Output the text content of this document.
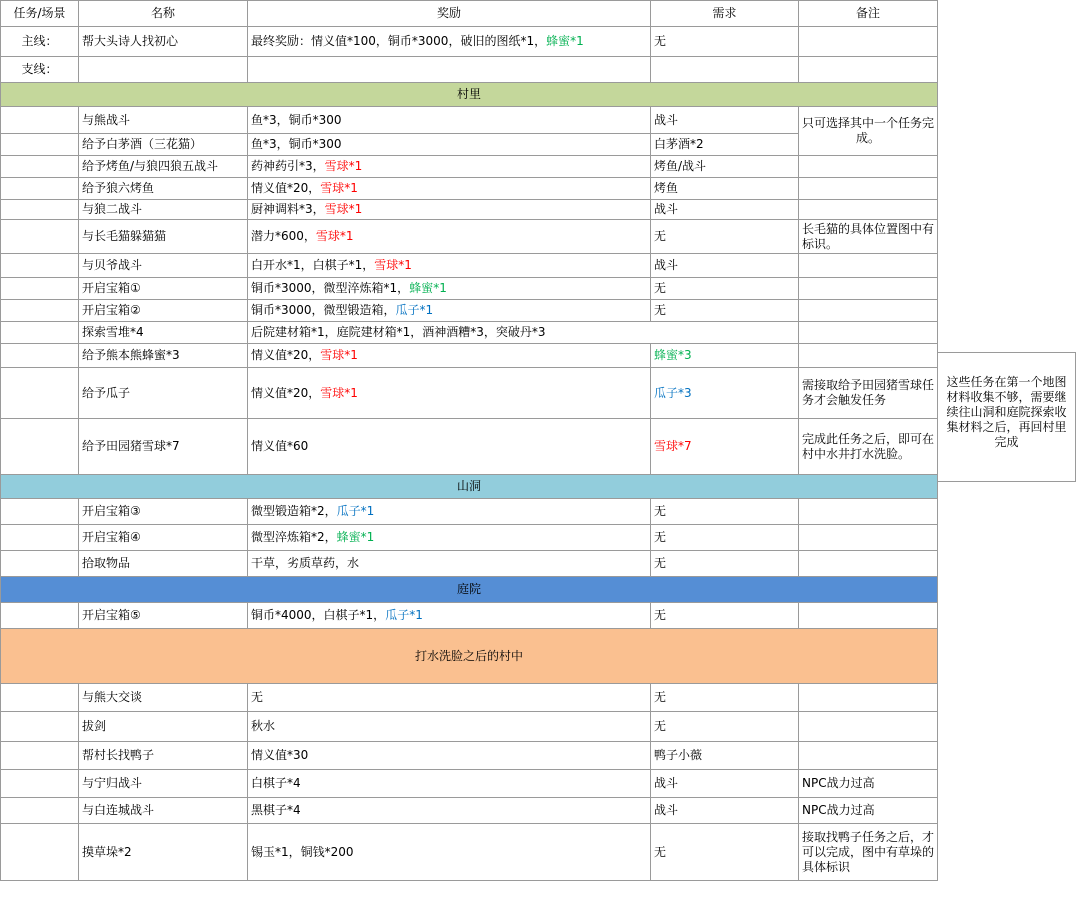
任务/场景	名称	奖励	需求	备注
主线：	帮大头诗人找初心	最终奖励：情义值*100，铜币*3000，破旧的图纸*1，蜂蜜*1	无	
支线：				
村里				
	与熊战斗	鱼*3，铜币*300	战斗	只可选择其中一个任务完成。
	给予白茅酒（三花猫）	鱼*3，铜币*300	白茅酒*2	
	给予烤鱼/与狼四狼五战斗	药神药引*3，雪球*1	烤鱼/战斗	
	给予狼六烤鱼	情义值*20，雪球*1	烤鱼	
	与狼二战斗	厨神调料*3，雪球*1	战斗	
	与长毛猫躲猫猫	潜力*600，雪球*1	无	长毛猫的具体位置图中有标识。
	与贝爷战斗	白开水*1，白棋子*1，雪球*1	战斗	
	开启宝箱①	铜币*3000，微型淬炼箱*1，蜂蜜*1	无	
	开启宝箱②	铜币*3000，微型锻造箱，瓜子*1	无	
	探索雪堆*4	后院建材箱*1，庭院建材箱*1，酒神酒糟*3，突破丹*3		
	给予熊本熊蜂蜜*3	情义值*20，雪球*1	蜂蜜*3	
	给予瓜子	情义值*20，雪球*1	瓜子*3	需接取给予田园猪雪球任务才会触发任务
	给予田园猪雪球*7	情义值*60	雪球*7	完成此任务之后，即可在村中水井打水洗脸。
山洞				
	开启宝箱③	微型锻造箱*2，瓜子*1	无	
	开启宝箱④	微型淬炼箱*2，蜂蜜*1	无	
	拾取物品	干草，劣质草药，水	无	
庭院				
	开启宝箱⑤	铜币*4000，白棋子*1，瓜子*1	无	
打水洗脸之后的村中				
	与熊大交谈	无	无	
	拔剑	秋水	无	
	帮村长找鸭子	情义值*30	鸭子小薇	
	与宁归战斗	白棋子*4	战斗	NPC战力过高
	与白连城战斗	黑棋子*4	战斗	NPC战力过高
	摸草垛*2	锡玉*1，铜钱*200	无	接取找鸭子任务之后，才可以完成，图中有草垛的具体标识
这些任务在第一个地图材料收集不够，需要继续往山洞和庭院探索收集材料之后，再回村里完成
